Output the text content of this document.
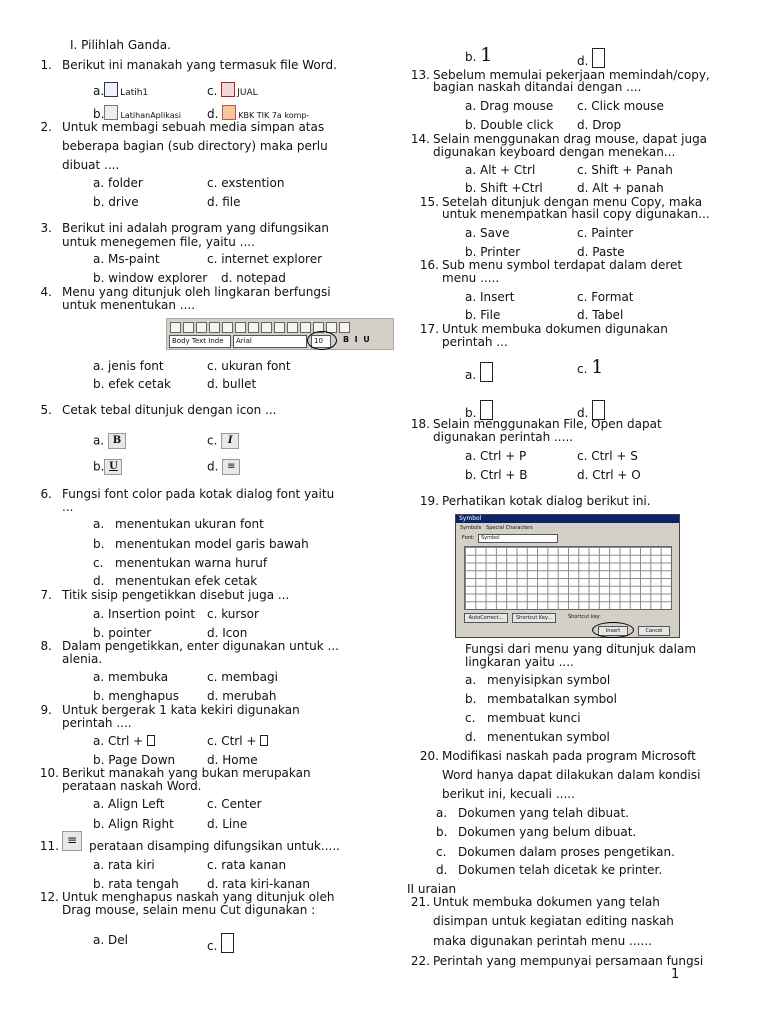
I. Pilihlah Ganda.
1. Berikut ini manakah yang termasuk file Word.
a. Latih1	c. JUAL
b. LatihanAplikasi d. KBK TIK 7a komp-
2. Untuk membagi sebuah media simpan atas
beberapa bagian (sub directory) maka perlu
dibuat ....
a. folder	c. exstention
b. drive	d. file
3. Berikut ini adalah program yang difungsikan
untuk menegemen file, yaitu ....
a. Ms-paint	c. internet explorer
b. window explorer d. notepad
4. Menu yang ditunjuk oleh lingkaran berfungsi
untuk menentukan ....
Body Text Inde	Arial	10	B  I  U
a. jenis font	c. ukuran font
b. efek cetak	d. bullet
5. Cetak tebal ditunjuk dengan icon ...
a. B	c. I
b. U	d. ≡
6. Fungsi font color pada kotak dialog font yaitu
...
a. menentukan ukuran font
b. menentukan model garis bawah
c. menentukan warna huruf
d. menentukan efek cetak
7. Titik sisip pengetikkan disebut juga ...
a. Insertion point c. kursor
b. pointer	d. Icon
8. Dalam pengetikkan, enter digunakan untuk ...
alenia.
a. membuka	c. membagi
b. menghapus d. merubah
9. Untuk bergerak 1 kata kekiri digunakan
perintah ....
a. Ctrl +	c. Ctrl +
b. Page Down	d. Home
10. Berikut manakah yang bukan merupakan
perataan naskah Word.
a. Align Left	c. Center
b. Align Right	d. Line
11. ≡ perataan disamping difungsikan untuk.....
a. rata kiri	c. rata kanan
b. rata tengah d. rata kiri-kanan
12. Untuk menghapus naskah yang ditunjuk oleh
Drag mouse, selain menu Cut digunakan :
a. Del	c.
b. 1	d.
13. Sebelum memulai pekerjaan memindah/copy,
bagian naskah ditandai dengan ....
a. Drag mouse c. Click mouse
b. Double click d. Drop
14. Selain menggunakan drag mouse, dapat juga
digunakan keyboard dengan menekan...
a. Alt + Ctrl	c. Shift + Panah
b. Shift +Ctrl	d. Alt + panah
15. Setelah ditunjuk dengan menu Copy, maka
untuk menempatkan hasil copy digunakan...
a. Save	c. Painter
b. Printer	d. Paste
16. Sub menu symbol terdapat dalam deret
menu .....
a. Insert	c. Format
b. File	d. Tabel
17. Untuk membuka dokumen digunakan
perintah ...
a.	c. 1
b.	d.
18. Selain menggunakan File, Open dapat
digunakan perintah .....
a. Ctrl + P	c. Ctrl + S
b. Ctrl + B	d. Ctrl + O
19. Perhatikan kotak dialog berikut ini.
Symbol
Symbols Special Characters
Font:	Symbol
AutoCorrect...	Shortcut Key...	Shortcut key:
Insert	Cancel
Fungsi dari menu yang ditunjuk dalam
lingkaran yaitu ....
a. menyisipkan symbol
b. membatalkan symbol
c. membuat kunci
d. menentukan symbol
20. Modifikasi naskah pada program Microsoft
Word hanya dapat dilakukan dalam kondisi
berikut ini, kecuali .....
a. Dokumen yang telah dibuat.
b. Dokumen yang belum dibuat.
c. Dokumen dalam proses pengetikan.
d. Dokumen telah dicetak ke printer.
II uraian
21. Untuk membuka dokumen yang telah
disimpan untuk kegiatan editing naskah
maka digunakan perintah menu ......
22. Perintah yang mempunyai persamaan fungsi
1
